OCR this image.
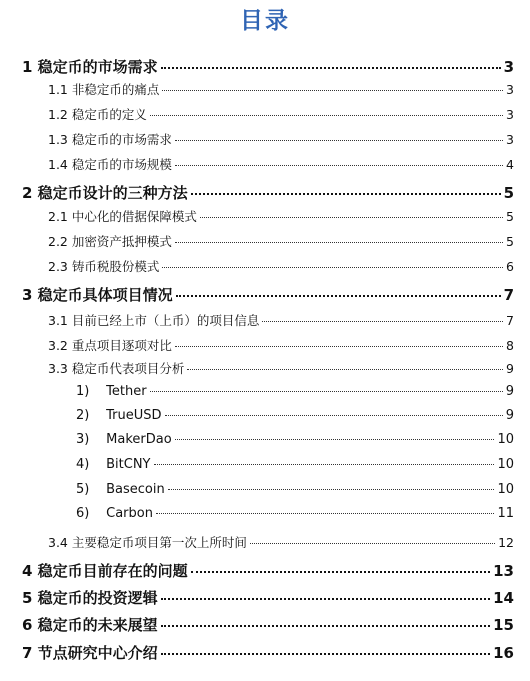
目录
1 稳定币的市场需求	3
1.1 非稳定币的痛点	3
1.2 稳定币的定义	3
1.3 稳定币的市场需求	3
1.4 稳定币的市场规模	4
2 稳定币设计的三种方法	5
2.1 中心化的借据保障模式	5
2.2 加密资产抵押模式	5
2.3 铸币税股份模式	6
3 稳定币具体项目情况	7
3.1 目前已经上市（上币）的项目信息	7
3.2 重点项目逐项对比	8
3.3 稳定币代表项目分析	9
1) Tether	9
2) TrueUSD	9
3) MakerDao	10
4) BitCNY	10
5) Basecoin	10
6) Carbon	11
3.4 主要稳定币项目第一次上所时间	12
4 稳定币目前存在的问题	13
5 稳定币的投资逻辑	14
6 稳定币的未来展望	15
7 节点研究中心介绍	16
